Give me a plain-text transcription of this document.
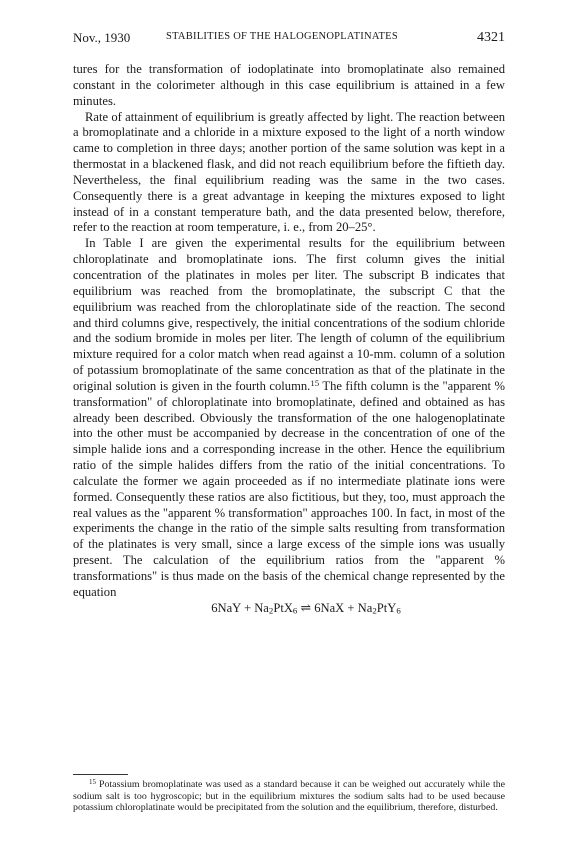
Nov., 1930	STABILITIES OF THE HALOGENOPLATINATES	4321

tures for the transformation of iodoplatinate into bromoplatinate also remained constant in the colorimeter although in this case equilibrium is attained in a few minutes.

Rate of attainment of equilibrium is greatly affected by light. The reaction between a bromoplatinate and a chloride in a mixture exposed to the light of a north window came to completion in three days; another portion of the same solution was kept in a thermostat in a blackened flask, and did not reach equilibrium before the fiftieth day. Nevertheless, the final equilibrium reading was the same in the two cases. Consequently there is a great advantage in keeping the mixtures exposed to light instead of in a constant temperature bath, and the data presented below, therefore, refer to the reaction at room temperature, i. e., from 20–25°.

In Table I are given the experimental results for the equilibrium between chloroplatinate and bromoplatinate ions. The first column gives the initial concentration of the platinates in moles per liter. The subscript B indicates that equilibrium was reached from the bromoplatinate, the subscript C that the equilibrium was reached from the chloroplatinate side of the reaction. The second and third columns give, respectively, the initial concentrations of the sodium chloride and the sodium bromide in moles per liter. The length of column of the equilibrium mixture required for a color match when read against a 10-mm. column of a solution of potassium bromoplatinate of the same concentration as that of the platinate in the original solution is given in the fourth column.$^{15}$ The fifth column is the "apparent % transformation" of chloroplatinate into bromoplatinate, defined and obtained as has already been described. Obviously the transformation of the one halogenoplatinate into the other must be accompanied by decrease in the concentration of one of the simple halide ions and a corresponding increase in the other. Hence the equilibrium ratio of the simple halides differs from the ratio of the initial concentrations. To calculate the former we again proceeded as if no intermediate platinate ions were formed. Consequently these ratios are also fictitious, but they, too, must approach the real values as the "apparent % transformation" approaches 100. In fact, in most of the experiments the change in the ratio of the simple salts resulting from transformation of the platinates is very small, since a large excess of the simple ions was usually present. The calculation of the equilibrium ratios from the "apparent % transformations" is thus made on the basis of the chemical change represented by the equation

$6NaY + Na_2PtX_6$ ⇌ $6NaX + Na_2PtY_6$

$^{15}$ Potassium bromoplatinate was used as a standard because it can be weighed out accurately while the sodium salt is too hygroscopic; but in the equilibrium mixtures the sodium salts had to be used because potassium chloroplatinate would be precipitated from the solution and the equilibrium, therefore, disturbed.
